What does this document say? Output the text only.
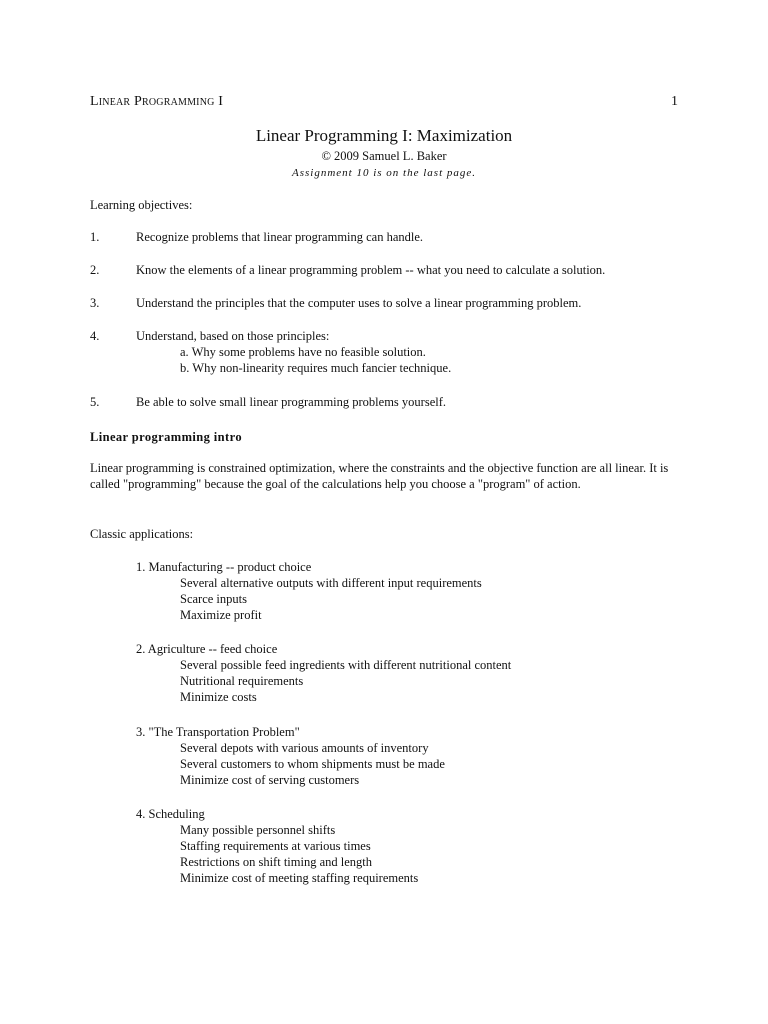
Linear Programming I	1
Linear Programming I: Maximization
© 2009 Samuel L. Baker
Assignment 10 is on the last page.
Learning objectives:
1.	Recognize problems that linear programming can handle.
2.	Know the elements of a linear programming problem -- what you need to calculate a solution.
3.	Understand the principles that the computer uses to solve a linear programming problem.
4.	Understand, based on those principles:
a. Why some problems have no feasible solution.
b. Why non-linearity requires much fancier technique.
5.	Be able to solve small linear programming problems yourself.
Linear programming intro
Linear programming is constrained optimization, where the constraints and the objective function are all linear. It is called "programming" because the goal of the calculations help you choose a "program" of action.
Classic applications:
1. Manufacturing -- product choice
Several alternative outputs with different input requirements
Scarce inputs
Maximize profit
2. Agriculture -- feed choice
Several possible feed ingredients with different nutritional content
Nutritional requirements
Minimize costs
3. "The Transportation Problem"
Several depots with various amounts of inventory
Several customers to whom shipments must be made
Minimize cost of serving customers
4. Scheduling
Many possible personnel shifts
Staffing requirements at various times
Restrictions on shift timing and length
Minimize cost of meeting staffing requirements
